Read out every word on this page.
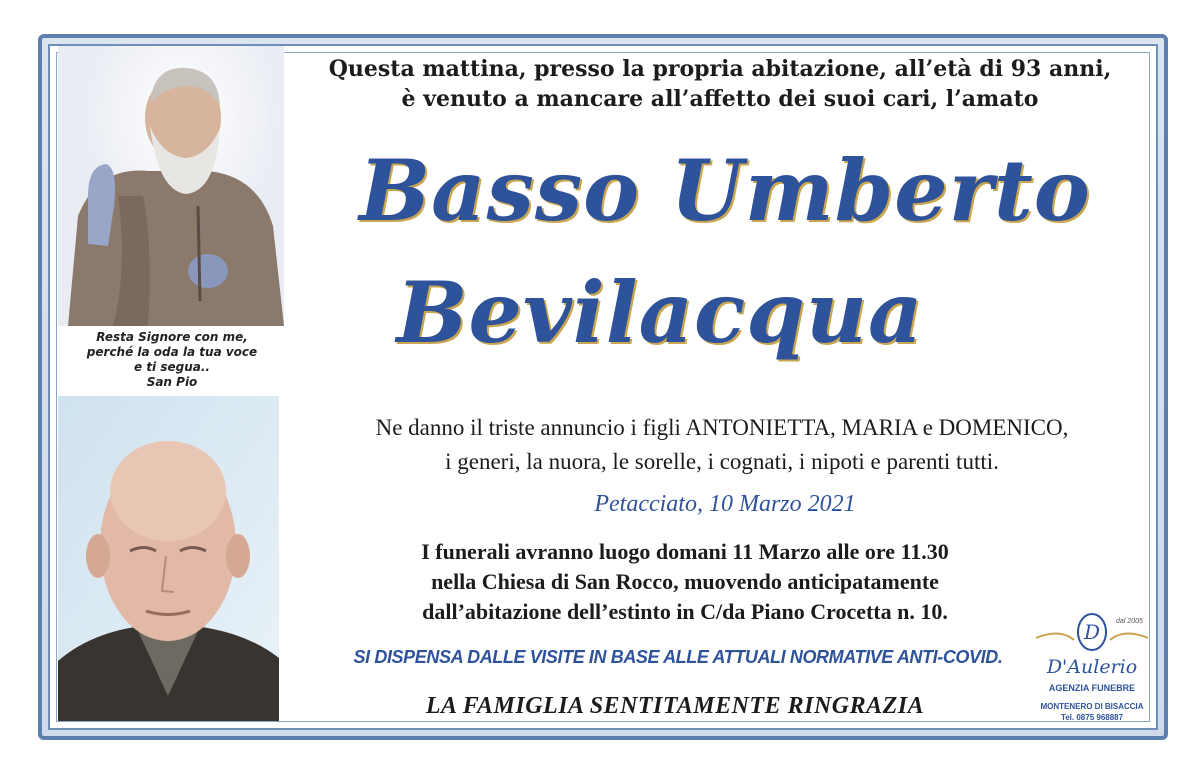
Resta Signore con me,
perché la oda la tua voce
e ti segua..
San Pio
Questa mattina, presso la propria abitazione, all’età di 93 anni,
è venuto a mancare all’affetto dei suoi cari, l’amato
Basso Umberto
Bevilacqua
Ne danno il triste annuncio i figli ANTONIETTA, MARIA e DOMENICO,
i generi, la nuora, le sorelle, i cognati, i nipoti e parenti tutti.
Petacciato, 10 Marzo 2021
I funerali avranno luogo domani 11 Marzo alle ore 11.30
nella Chiesa di San Rocco, muovendo anticipatamente
dall’abitazione dell’estinto in C/da Piano Crocetta n. 10.
SI DISPENSA DALLE VISITE IN BASE ALLE ATTUALI NORMATIVE ANTI-COVID.
LA FAMIGLIA SENTITAMENTE RINGRAZIA
D dal 2005
D'Aulerio
AGENZIA FUNEBRE
MONTENERO DI BISACCIA
Tel. 0875 968887
